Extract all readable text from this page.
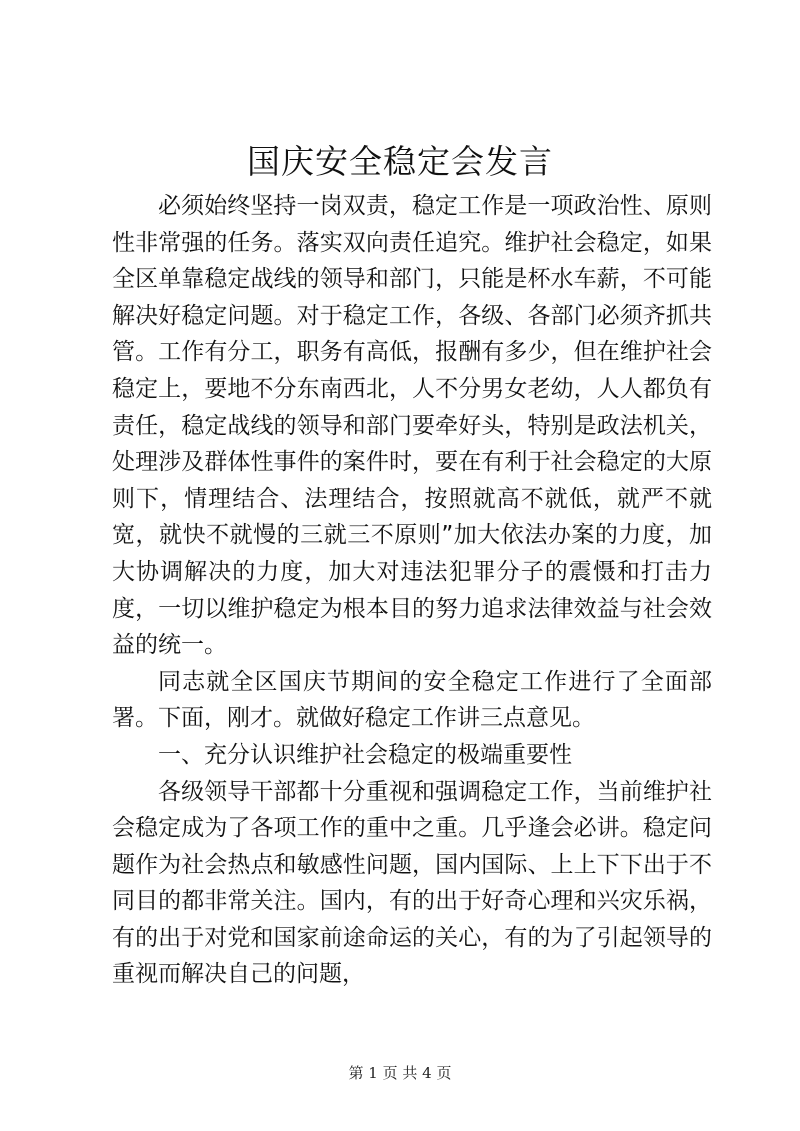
国庆安全稳定会发言

必须始终坚持一岗双责，稳定工作是一项政治性、原则性非常强的任务。落实双向责任追究。维护社会稳定，如果全区单靠稳定战线的领导和部门，只能是杯水车薪，不可能解决好稳定问题。对于稳定工作，各级、各部门必须齐抓共管。工作有分工，职务有高低，报酬有多少，但在维护社会稳定上，要地不分东南西北，人不分男女老幼，人人都负有责任，稳定战线的领导和部门要牵好头，特别是政法机关，处理涉及群体性事件的案件时，要在有利于社会稳定的大原则下，情理结合、法理结合，按照就高不就低，就严不就宽，就快不就慢的三就三不原则”加大依法办案的力度，加大协调解决的力度，加大对违法犯罪分子的震慑和打击力度，一切以维护稳定为根本目的努力追求法律效益与社会效益的统一。

同志就全区国庆节期间的安全稳定工作进行了全面部署。下面，刚才。就做好稳定工作讲三点意见。

一、充分认识维护社会稳定的极端重要性

各级领导干部都十分重视和强调稳定工作，当前维护社会稳定成为了各项工作的重中之重。几乎逢会必讲。稳定问题作为社会热点和敏感性问题，国内国际、上上下下出于不同目的都非常关注。国内，有的出于好奇心理和兴灾乐祸，有的出于对党和国家前途命运的关心，有的为了引起领导的重视而解决自己的问题，

第 1 页 共 4 页
